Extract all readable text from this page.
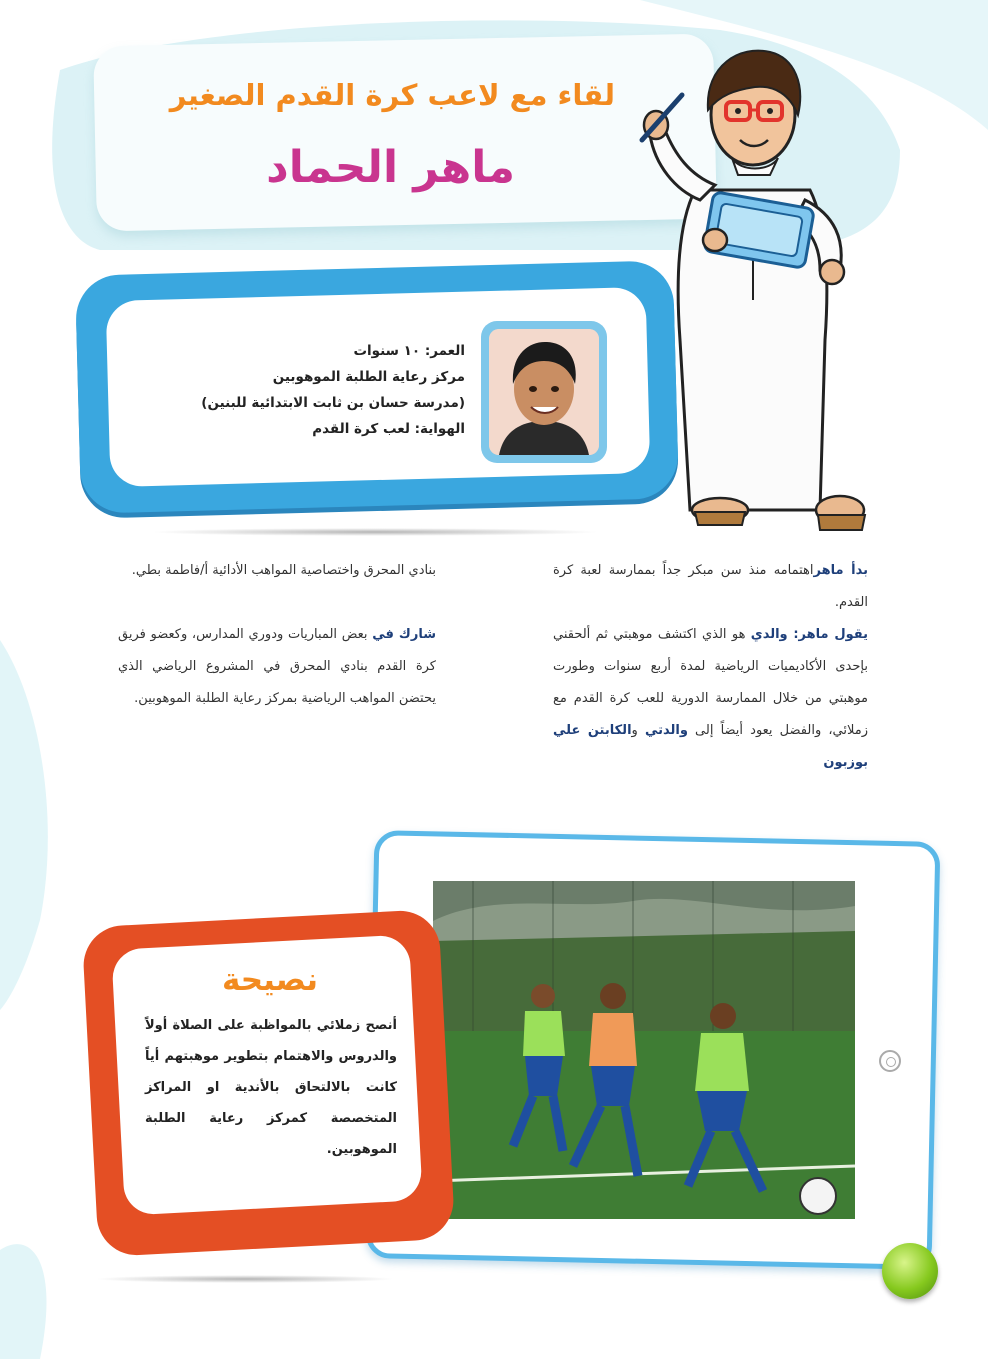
لقاء مع لاعب كرة القدم الصغير
ماهر الحماد
العمر: ١٠ سنوات
مركز رعاية الطلبة الموهوبين
(مدرسة حسان بن ثابت الابتدائية للبنين)
الهواية: لعب كرة القدم
بدأ ماهراهتمامه منذ سن مبكر جداً بممارسة لعبة كرة القدم.
يقول ماهر: والدي هو الذي اكتشف موهبتي ثم ألحقني بإحدى الأكاديميات الرياضية لمدة أربع سنوات وطورت موهبتي من خلال الممارسة الدورية للعب كرة القدم مع زملائي، والفضل يعود أيضاً إلى والدتي والكابتن علي بوزبون
بنادي المحرق واختصاصية المواهب الأدائية أ/فاطمة بطي.
شارك في بعض المباريات ودوري المدارس، وكعضو فريق كرة القدم بنادي المحرق في المشروع الرياضي الذي يحتضن المواهب الرياضية بمركز رعاية الطلبة الموهوبين.
نصيحة
أنصح زملائي بالمواظبة على الصلاة أولاً والدروس والاهتمام بتطوير موهبتهم أياً كانت بالالتحاق بالأندية او المراكز المتخصصة كمركز رعاية الطلبة الموهوبين.
